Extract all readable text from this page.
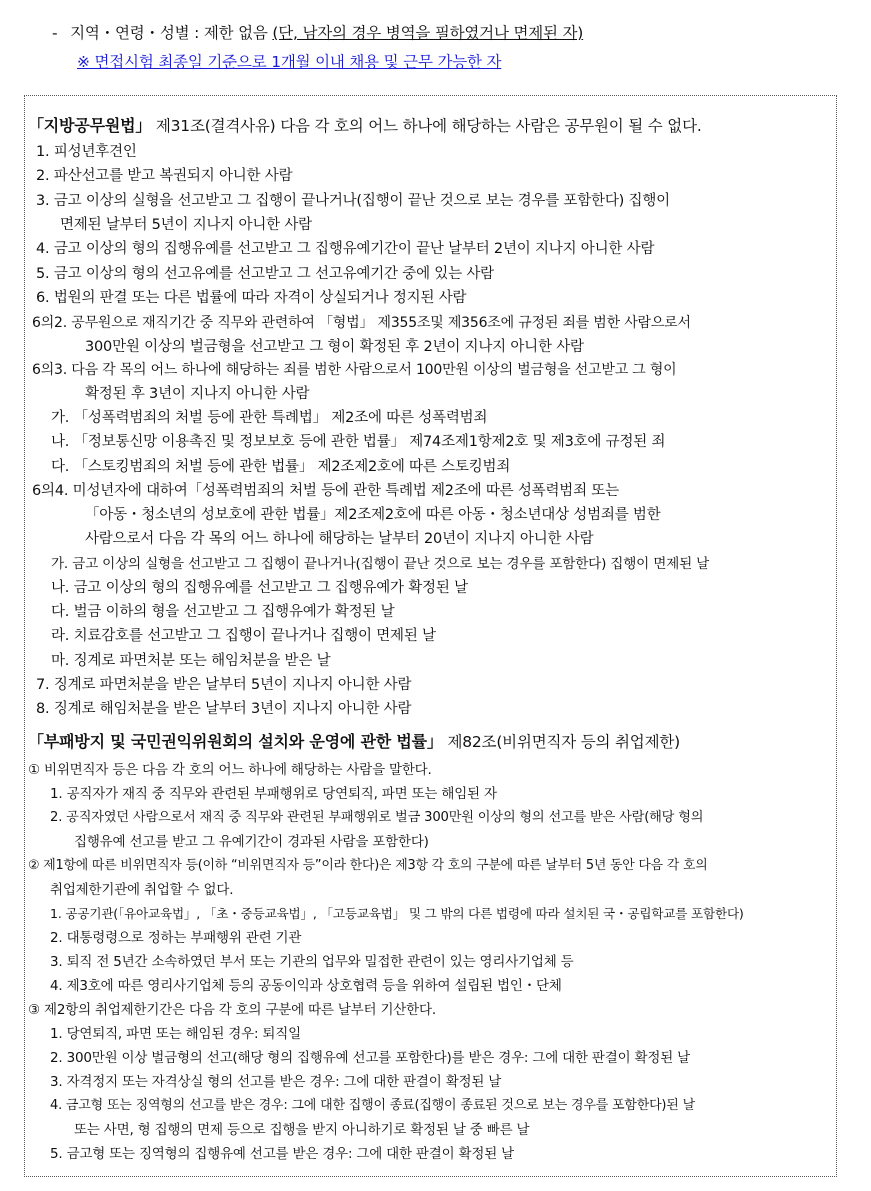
- 지역・연령・성별 : 제한 없음 (단, 남자의 경우 병역을 필하였거나 면제된 자)
※ 면접시험 최종일 기준으로 1개월 이내 채용 및 근무 가능한 자
「지방공무원법」 제31조(결격사유) 다음 각 호의 어느 하나에 해당하는 사람은 공무원이 될 수 없다.
1. 피성년후견인
2. 파산선고를 받고 복권되지 아니한 사람
3. 금고 이상의 실형을 선고받고 그 집행이 끝나거나(집행이 끝난 것으로 보는 경우를 포함한다) 집행이
면제된 날부터 5년이 지나지 아니한 사람
4. 금고 이상의 형의 집행유예를 선고받고 그 집행유예기간이 끝난 날부터 2년이 지나지 아니한 사람
5. 금고 이상의 형의 선고유예를 선고받고 그 선고유예기간 중에 있는 사람
6. 법원의 판결 또는 다른 법률에 따라 자격이 상실되거나 정지된 사람
6의2. 공무원으로 재직기간 중 직무와 관련하여 「형법」 제355조및 제356조에 규정된 죄를 범한 사람으로서
300만원 이상의 벌금형을 선고받고 그 형이 확정된 후 2년이 지나지 아니한 사람
6의3. 다음 각 목의 어느 하나에 해당하는 죄를 범한 사람으로서 100만원 이상의 벌금형을 선고받고 그 형이
확정된 후 3년이 지나지 아니한 사람
가. 「성폭력범죄의 처벌 등에 관한 특례법」 제2조에 따른 성폭력범죄
나. 「정보통신망 이용촉진 및 정보보호 등에 관한 법률」 제74조제1항제2호 및 제3호에 규정된 죄
다. 「스토킹범죄의 처벌 등에 관한 법률」 제2조제2호에 따른 스토킹범죄
6의4. 미성년자에 대하여「성폭력범죄의 처벌 등에 관한 특례법 제2조에 따른 성폭력범죄 또는
「아동・청소년의 성보호에 관한 법률」제2조제2호에 따른 아동・청소년대상 성범죄를 범한
사람으로서 다음 각 목의 어느 하나에 해당하는 날부터 20년이 지나지 아니한 사람
가. 금고 이상의 실형을 선고받고 그 집행이 끝나거나(집행이 끝난 것으로 보는 경우를 포함한다) 집행이 면제된 날
나. 금고 이상의 형의 집행유예를 선고받고 그 집행유예가 확정된 날
다. 벌금 이하의 형을 선고받고 그 집행유예가 확정된 날
라. 치료감호를 선고받고 그 집행이 끝나거나 집행이 면제된 날
마. 징계로 파면처분 또는 해임처분을 받은 날
7. 징계로 파면처분을 받은 날부터 5년이 지나지 아니한 사람
8. 징계로 해임처분을 받은 날부터 3년이 지나지 아니한 사람
「부패방지 및 국민권익위원회의 설치와 운영에 관한 법률」 제82조(비위면직자 등의 취업제한)
① 비위면직자 등은 다음 각 호의 어느 하나에 해당하는 사람을 말한다.
1. 공직자가 재직 중 직무와 관련된 부패행위로 당연퇴직, 파면 또는 해임된 자
2. 공직자였던 사람으로서 재직 중 직무와 관련된 부패행위로 벌금 300만원 이상의 형의 선고를 받은 사람(해당 형의
집행유예 선고를 받고 그 유예기간이 경과된 사람을 포함한다)
② 제1항에 따른 비위면직자 등(이하 “비위면직자 등”이라 한다)은 제3항 각 호의 구분에 따른 날부터 5년 동안 다음 각 호의
취업제한기관에 취업할 수 없다.
1. 공공기관(「유아교육법」, 「초・중등교육법」, 「고등교육법」 및 그 밖의 다른 법령에 따라 설치된 국・공립학교를 포함한다)
2. 대통령령으로 정하는 부패행위 관련 기관
3. 퇴직 전 5년간 소속하였던 부서 또는 기관의 업무와 밀접한 관련이 있는 영리사기업체 등
4. 제3호에 따른 영리사기업체 등의 공동이익과 상호협력 등을 위하여 설립된 법인・단체
③ 제2항의 취업제한기간은 다음 각 호의 구분에 따른 날부터 기산한다.
1. 당연퇴직, 파면 또는 해임된 경우: 퇴직일
2. 300만원 이상 벌금형의 선고(해당 형의 집행유예 선고를 포함한다)를 받은 경우: 그에 대한 판결이 확정된 날
3. 자격정지 또는 자격상실 형의 선고를 받은 경우: 그에 대한 판결이 확정된 날
4. 금고형 또는 징역형의 선고를 받은 경우: 그에 대한 집행이 종료(집행이 종료된 것으로 보는 경우를 포함한다)된 날
또는 사면, 형 집행의 면제 등으로 집행을 받지 아니하기로 확정된 날 중 빠른 날
5. 금고형 또는 징역형의 집행유예 선고를 받은 경우: 그에 대한 판결이 확정된 날
